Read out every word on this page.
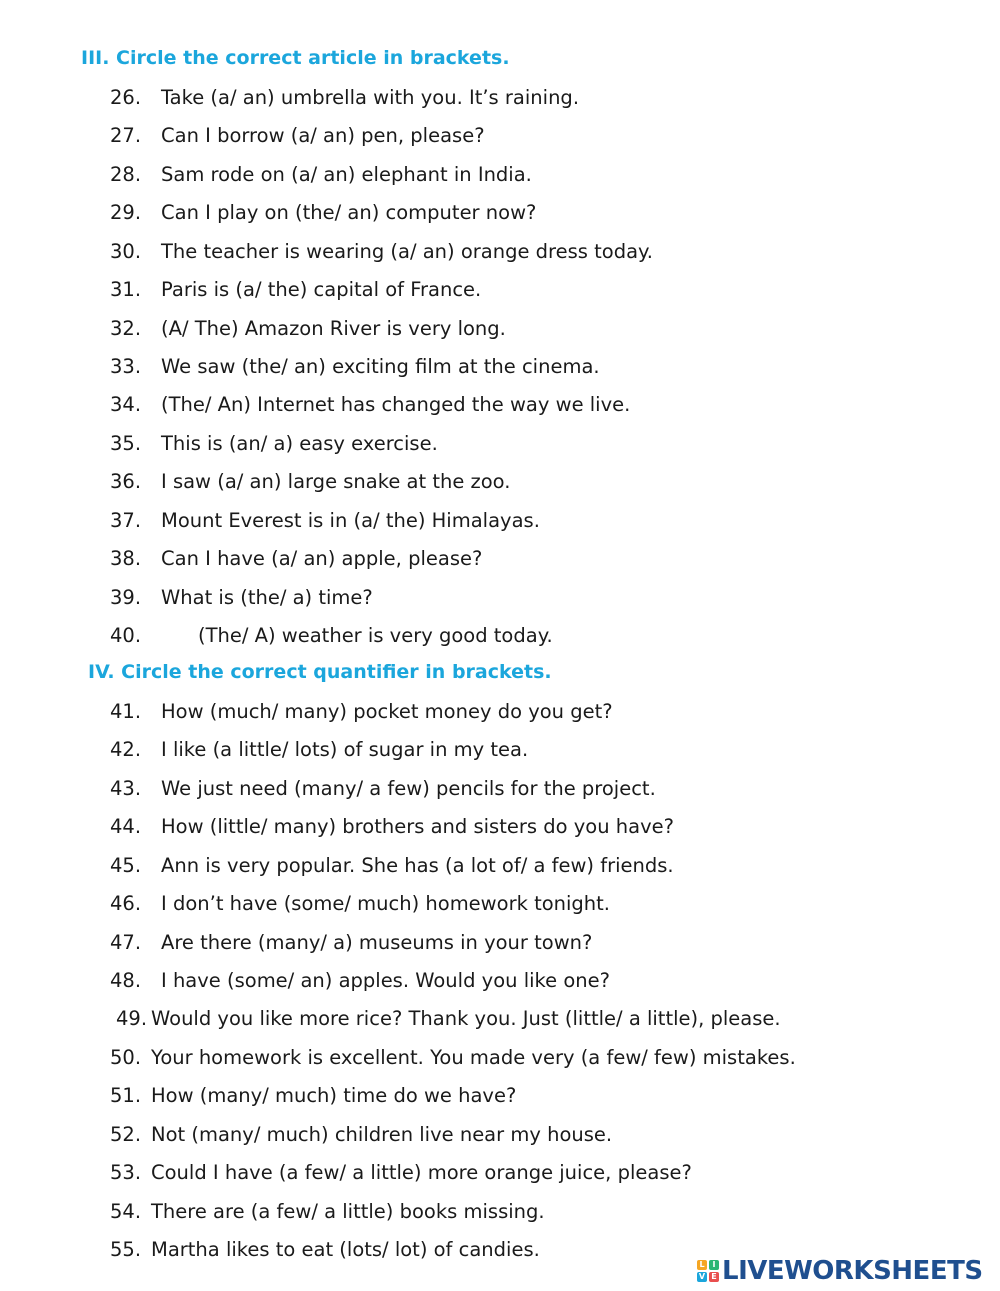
III. Circle the correct article in brackets.
26. Take (a/ an) umbrella with you. It’s raining.
27. Can I borrow (a/ an) pen, please?
28. Sam rode on (a/ an) elephant in India.
29. Can I play on (the/ an) computer now?
30. The teacher is wearing (a/ an) orange dress today.
31. Paris is (a/ the) capital of France.
32. (A/ The) Amazon River is very long.
33. We saw (the/ an) exciting film at the cinema.
34. (The/ An) Internet has changed the way we live.
35. This is (an/ a) easy exercise.
36. I saw (a/ an) large snake at the zoo.
37. Mount Everest is in (a/ the) Himalayas.
38. Can I have (a/ an) apple, please?
39. What is (the/ a) time?
40.	(The/ A) weather is very good today.
IV. Circle the correct quantifier in brackets.
41. How (much/ many) pocket money do you get?
42. I like (a little/ lots) of sugar in my tea.
43. We just need (many/ a few) pencils for the project.
44. How (little/ many) brothers and sisters do you have?
45. Ann is very popular. She has (a lot of/ a few) friends.
46. I don’t have (some/ much) homework tonight.
47. Are there (many/ a) museums in your town?
48. I have (some/ an) apples. Would you like one?
49. Would you like more rice? Thank you. Just (little/ a little), please.
50. Your homework is excellent. You made very (a few/ few) mistakes.
51. How (many/ much) time do we have?
52. Not (many/ much) children live near my house.
53. Could I have (a few/ a little) more orange juice, please?
54. There are (a few/ a little) books missing.
55. Martha likes to eat (lots/ lot) of candies.
L I
V E LIVEWORKSHEETS
